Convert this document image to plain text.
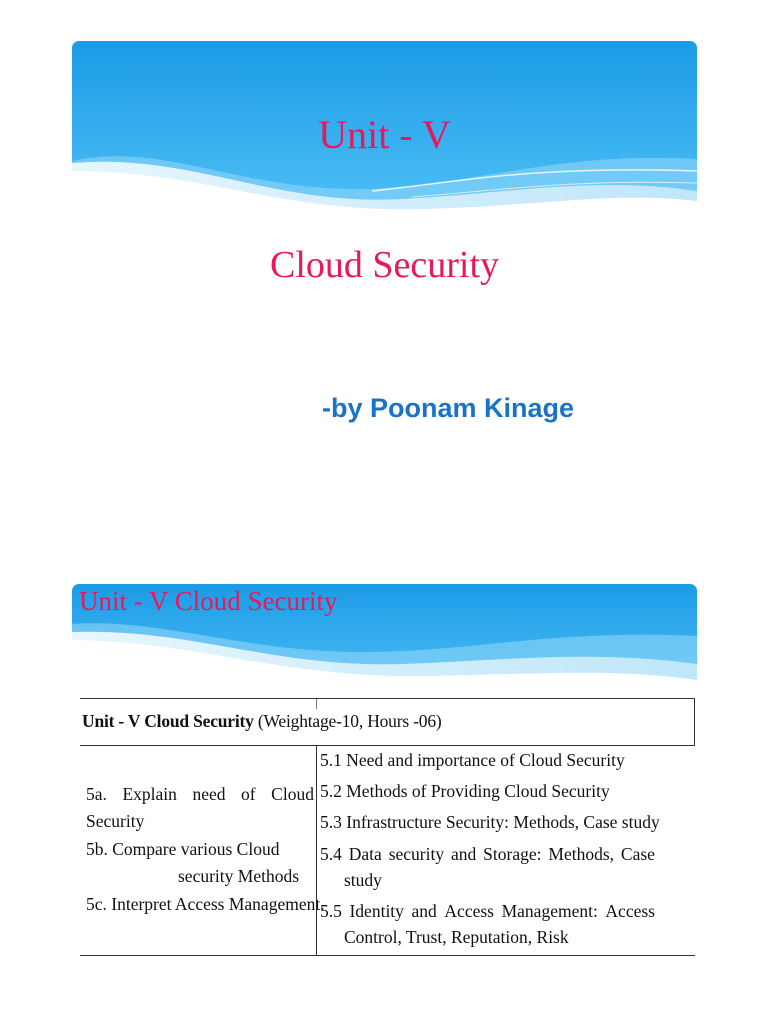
Unit - V
Cloud Security
-by Poonam Kinage
Unit - V Cloud Security
Unit - V Cloud Security (Weightage-10, Hours -06)
5a. Explain need of Cloud
Security
5b. Compare various Cloud
security Methods
5c. Interpret Access Management.
5.1 Need and importance of Cloud Security
5.2 Methods of Providing Cloud Security
5.3 Infrastructure Security: Methods, Case study
5.4 Data security and Storage: Methods, Case
study
5.5 Identity and Access Management: Access
Control, Trust, Reputation, Risk
